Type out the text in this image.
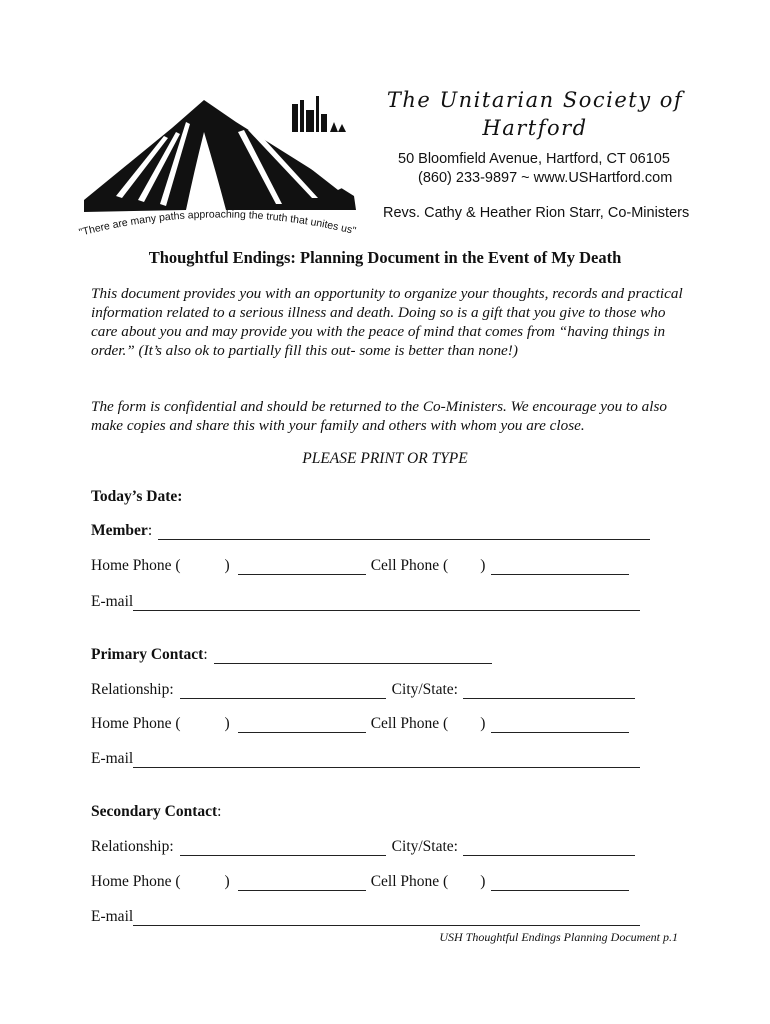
"There are many paths approaching the truth that unites us"
The Unitarian Society of
Hartford
50 Bloomfield Avenue, Hartford, CT 06105
(860) 233-9897 ~ www.USHartford.com
Revs. Cathy & Heather Rion Starr, Co-Ministers
Thoughtful Endings: Planning Document in the Event of My Death
This document provides you with an opportunity to organize your thoughts, records and practical information related to a serious illness and death. Doing so is a gift that you give to those who care about you and may provide you with the peace of mind that comes from “having things in order.” (It’s also ok to partially fill this out- some is better than none!)
The form is confidential and should be returned to the Co-Ministers. We encourage you to also make copies and share this with your family and others with whom you are close.
PLEASE PRINT OR TYPE
Today’s Date:
Member :
Home Phone (	)	Cell Phone ( )
E-mail
Primary Contact :
Relationship:	City/State:
Home Phone (	)	Cell Phone ( )
E-mail
Secondary Contact :
Relationship:	City/State:
Home Phone (	)	Cell Phone ( )
E-mail
USH Thoughtful Endings Planning Document p.1
